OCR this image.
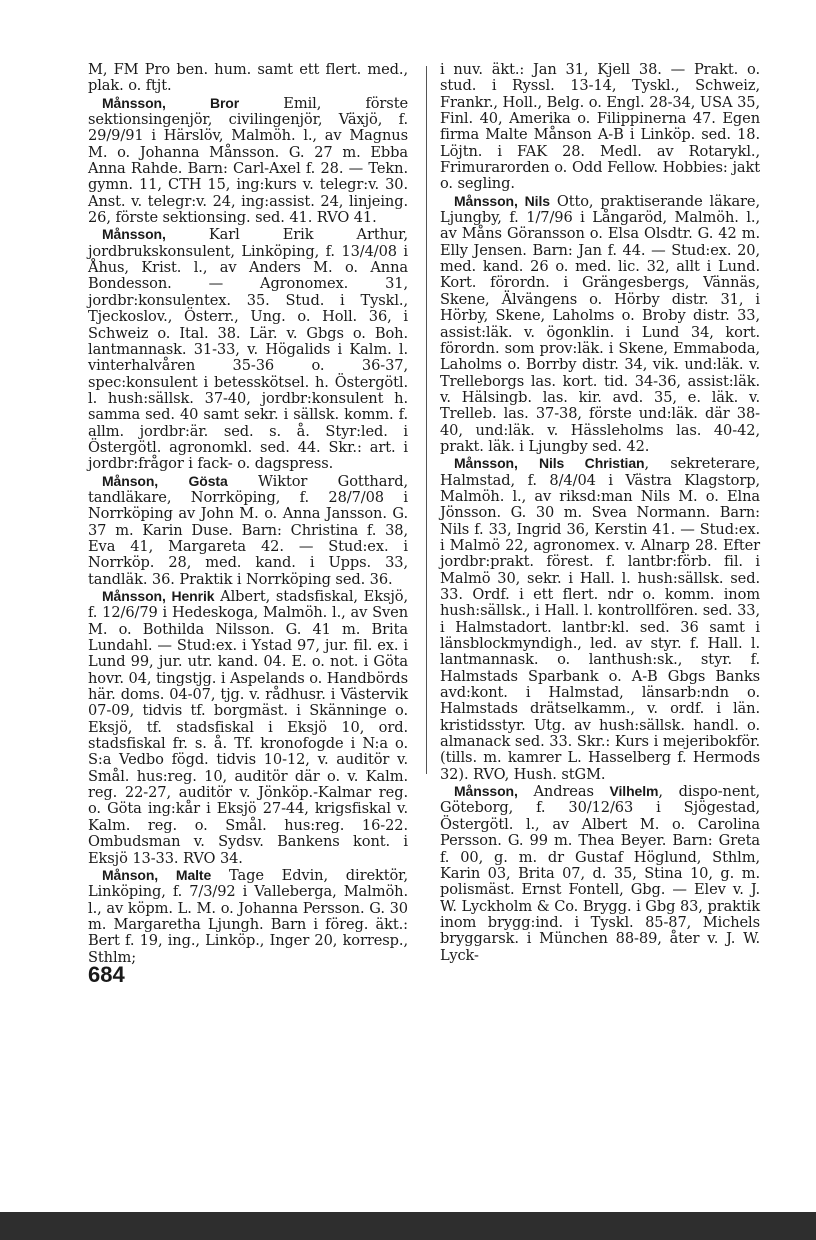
M, FM Pro ben. hum. samt ett flert. med., plak. o. ftjt.

Månsson,	Bror Emil, förste sektionsingenjör, civilingenjör, Växjö, f. 29/9/91 i Härslöv, Malmöh. l., av Magnus M. o. Johanna Månsson. G. 27 m. Ebba Anna Rahde. Barn: Carl-Axel f. 28. — Tekn. gymn. 11, CTH 15, ing:kurs v. telegr:v. 30. Anst. v. telegr:v. 24, ing:assist. 24, linjeing. 26, förste sektionsing. sed. 41. RVO 41.

Månsson, Karl Erik Arthur, jordbrukskonsulent, Linköping, f. 13/4/08 i Åhus, Krist. l., av Anders M. o. Anna Bondesson. — Agronomex. 31, jordbr:konsulentex. 35. Stud. i Tyskl., Tjeckoslov., Österr., Ung. o. Holl. 36, i Schweiz o. Ital. 38. Lär. v. Gbgs o. Boh. lantmannask. 31-33, v. Högalids i Kalm. l. vinterhalvåren 35-36 o. 36-37, spec:konsulent i betesskötsel. h. Östergötl. l. hush:sällsk. 37-40, jordbr:konsulent h. samma sed. 40 samt sekr. i sällsk. komm. f. allm. jordbr:är. sed. s. å. Styr:led. i Östergötl. agronomkl. sed. 44. Skr.: art. i jordbr:frågor i fack- o. dagspress.

Månson, Gösta Wiktor Gotthard, tandläkare, Norrköping, f. 28/7/08 i Norrköping av John M. o. Anna Jansson. G. 37 m. Karin Duse. Barn: Christina f. 38, Eva 41, Margareta 42. — Stud:ex. i Norrköp. 28, med. kand. i Upps. 33, tandläk. 36. Praktik i Norrköping sed. 36.

Månsson, Henrik Albert, stadsfiskal, Eksjö, f. 12/6/79 i Hedeskoga, Malmöh. l., av Sven M. o. Bothilda Nilsson. G. 41 m. Brita Lundahl. — Stud:ex. i Ystad 97, jur. fil. ex. i Lund 99, jur. utr. kand. 04. E. o. not. i Göta hovr. 04, tingstjg. i Aspelands o. Handbörds här. doms. 04-07, tjg. v. rådhusr. i Västervik 07-09, tidvis tf. borgmäst. i Skänninge o. Eksjö, tf. stadsfiskal i Eksjö 10, ord. stadsfiskal fr. s. å. Tf. kronofogde i N:a o. S:a Vedbo fögd. tidvis 10-12, v. auditör v. Smål. hus:reg. 10, auditör där o. v. Kalm. reg. 22-27, auditör v. Jönköp.-Kalmar reg. o. Göta ing:kår i Eksjö 27-44, krigsfiskal v. Kalm. reg. o. Smål. hus:reg. 16-22. Ombudsman v. Sydsv. Bankens kont. i Eksjö 13-33. RVO 34.

Månson, Malte Tage Edvin, direktör, Linköping, f. 7/3/92 i Valleberga, Malmöh. l., av köpm. L. M. o. Johanna Persson. G. 30 m. Margaretha Ljungh. Barn i föreg. äkt.: Bert f. 19, ing., Linköp., Inger 20, korresp., Sthlm;

i nuv. äkt.: Jan 31, Kjell 38. — Prakt. o. stud. i Ryssl. 13-14, Tyskl., Schweiz, Frankr., Holl., Belg. o. Engl. 28-34, USA 35, Finl. 40, Amerika o. Filippinerna 47. Egen firma Malte Månson A-B i Linköp. sed. 18. Löjtn. i FAK 28. Medl. av Rotarykl., Frimurarorden o. Odd Fellow. Hobbies: jakt o. segling.

Månsson, Nils Otto, praktiserande läkare, Ljungby, f. 1/7/96 i Långaröd, Malmöh. l., av Måns Göransson o. Elsa Olsdtr. G. 42 m. Elly Jensen. Barn: Jan f. 44. — Stud:ex. 20, med. kand. 26 o. med. lic. 32, allt i Lund. Kort. förordn. i Grängesbergs, Vännäs, Skene, Älvängens o. Hörby distr. 31, i Hörby, Skene, Laholms o. Broby distr. 33, assist:läk. v. ögonklin. i Lund 34, kort. förordn. som prov:läk. i Skene, Emmaboda, Laholms o. Borrby distr. 34, vik. und:läk. v. Trelleborgs las. kort. tid. 34-36, assist:läk. v. Hälsingb. las. kir. avd. 35, e. läk. v. Trelleb. las. 37-38, förste und:läk. där 38-40, und:läk. v. Hässleholms las. 40-42, prakt. läk. i Ljungby sed. 42.

Månsson, Nils Christian, sekreterare, Halmstad, f. 8/4/04 i Västra Klagstorp, Malmöh. l., av riksd:man Nils M. o. Elna Jönsson. G. 30 m. Svea Normann. Barn: Nils f. 33, Ingrid 36, Kerstin 41. — Stud:ex. i Malmö 22, agronomex. v. Alnarp 28. Efter jordbr:prakt. förest. f. lantbr:förb. fil. i Malmö 30, sekr. i Hall. l. hush:sällsk. sed. 33. Ordf. i ett flert. ndr o. komm. inom hush:sällsk., i Hall. l. kontrollfören. sed. 33, i Halmstadort. lantbr:kl. sed. 36 samt i länsblockmyndigh., led. av styr. f. Hall. l. lantmannask. o. lanthush:sk., styr. f. Halmstads Sparbank o. A-B Gbgs Banks avd:kont. i Halmstad, länsarb:ndn o. Halmstads drätselkamm., v. ordf. i län. kristidsstyr. Utg. av hush:sällsk. handl. o. almanack sed. 33. Skr.: Kurs i mejeribokför. (tills. m. kamrer L. Hasselberg f. Hermods 32). RVO, Hush. stGM.

Månsson, Andreas Vilhelm, dispo-nent, Göteborg, f. 30/12/63 i Sjögestad, Östergötl. l., av Albert M. o. Carolina Persson. G. 99 m. Thea Beyer. Barn: Greta f. 00, g. m. dr Gustaf Höglund, Sthlm, Karin 03, Brita 07, d. 35, Stina 10, g. m. polismäst. Ernst Fontell, Gbg. — Elev v. J. W. Lyckholm & Co. Brygg. i Gbg 83, praktik inom brygg:ind. i Tyskl. 85-87, Michels bryggarsk. i München 88-89, åter v. J. W. Lyck-

684
